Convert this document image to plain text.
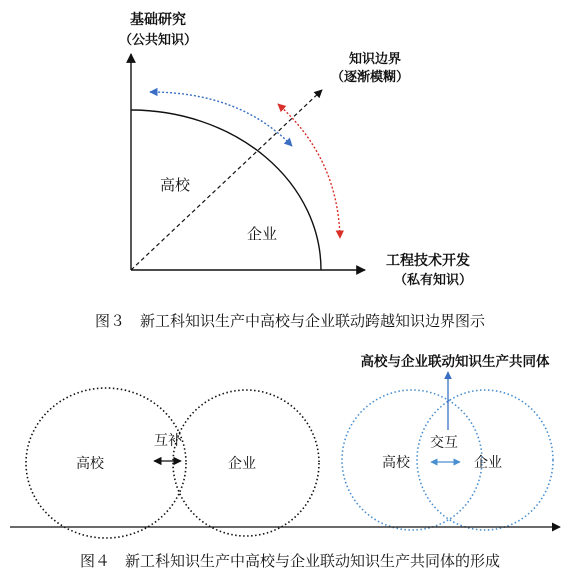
基础研究
（公共知识）
知识边界
（逐渐模糊）
高校
企业
工程技术开发
（私有知识）
图３　新工科知识生产中高校与企业联动跨越知识边界图示
高校	企业
互补
高校与企业联动知识生产共同体
交互
高校	企业
图４　新工科知识生产中高校与企业联动知识生产共同体的形成
